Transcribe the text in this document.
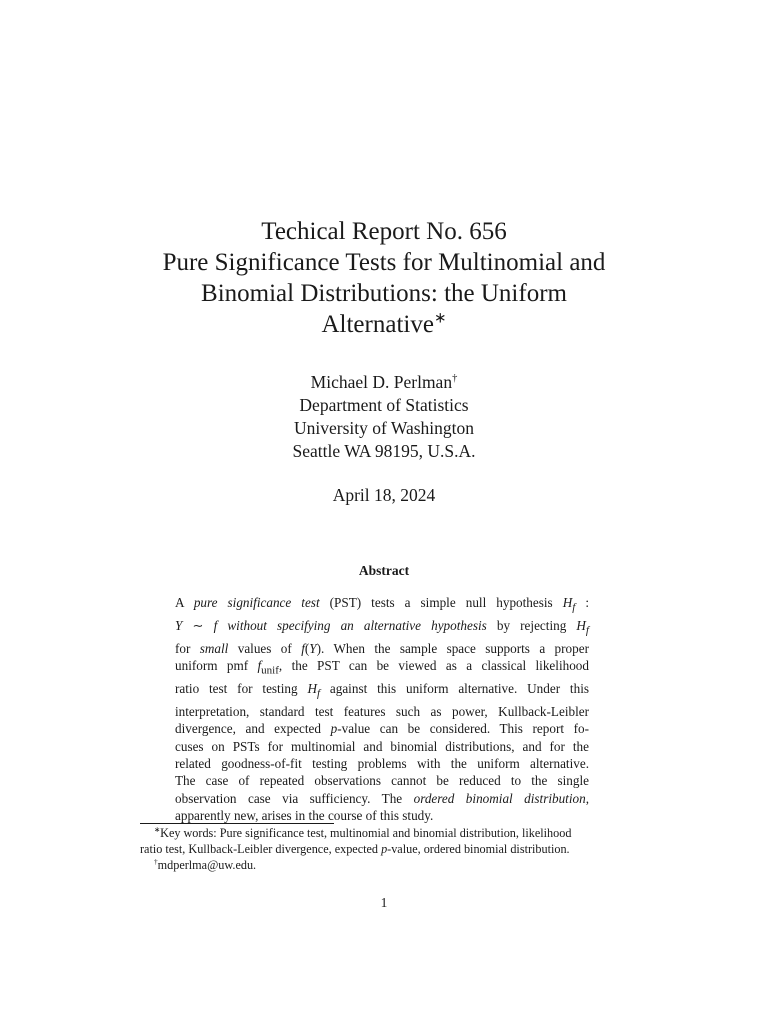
Techical Report No. 656
Pure Significance Tests for Multinomial and
Binomial Distributions: the Uniform
Alternative∗
Michael D. Perlman†
Department of Statistics
University of Washington
Seattle WA 98195, U.S.A.
April 18, 2024
Abstract
A pure significance test (PST) tests a simple null hypothesis $H_f$ :
Y ∼ f without specifying an alternative hypothesis by rejecting $H_f$
for small values of f(Y). When the sample space supports a proper
uniform pmf $f_{unif}$, the PST can be viewed as a classical likelihood
ratio test for testing $H_f$ against this uniform alternative. Under this
interpretation, standard test features such as power, Kullback-Leibler
divergence, and expected p-value can be considered. This report fo-
cuses on PSTs for multinomial and binomial distributions, and for the
related goodness-of-fit testing problems with the uniform alternative.
The case of repeated observations cannot be reduced to the single
observation case via sufficiency. The ordered binomial distribution,
apparently new, arises in the course of this study.
∗Key words: Pure significance test, multinomial and binomial distribution, likelihood
ratio test, Kullback-Leibler divergence, expected p-value, ordered binomial distribution.
†mdperlma@uw.edu.
1
